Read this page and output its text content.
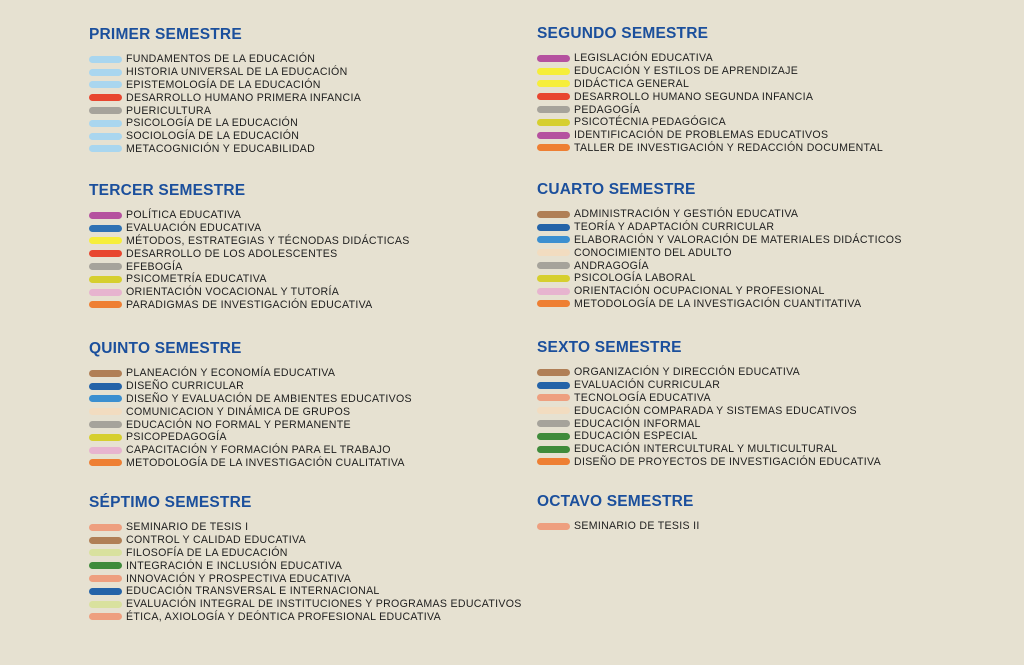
PRIMER SEMESTRE
FUNDAMENTOS DE LA EDUCACIÓN
HISTORIA UNIVERSAL DE LA EDUCACIÓN
EPISTEMOLOGÍA DE LA EDUCACIÓN
DESARROLLO HUMANO PRIMERA INFANCIA
PUERICULTURA
PSICOLOGÍA DE LA EDUCACIÓN
SOCIOLOGÍA DE LA EDUCACIÓN
METACOGNICIÓN Y EDUCABILIDAD
SEGUNDO SEMESTRE
LEGISLACIÓN EDUCATIVA
EDUCACIÓN Y ESTILOS DE APRENDIZAJE
DIDÁCTICA GENERAL
DESARROLLO HUMANO SEGUNDA INFANCIA
PEDAGOGÍA
PSICOTÉCNIA PEDAGÓGICA
IDENTIFICACIÓN DE PROBLEMAS EDUCATIVOS
TALLER DE INVESTIGACIÓN Y REDACCIÓN DOCUMENTAL
TERCER SEMESTRE
POLÍTICA EDUCATIVA
EVALUACIÓN EDUCATIVA
MÉTODOS, ESTRATEGIAS Y TÉCNODAS DIDÁCTICAS
DESARROLLO DE LOS ADOLESCENTES
EFEBOGÍA
PSICOMETRÍA EDUCATIVA
ORIENTACIÓN VOCACIONAL Y TUTORÍA
PARADIGMAS DE INVESTIGACIÓN EDUCATIVA
CUARTO SEMESTRE
ADMINISTRACIÓN Y GESTIÓN EDUCATIVA
TEORÍA Y ADAPTACIÓN CURRICULAR
ELABORACIÓN Y VALORACIÓN DE MATERIALES DIDÁCTICOS
CONOCIMIENTO DEL ADULTO
ANDRAGOGÍA
PSICOLOGÍA LABORAL
ORIENTACIÓN OCUPACIONAL Y PROFESIONAL
METODOLOGÍA DE LA INVESTIGACIÓN CUANTITATIVA
QUINTO SEMESTRE
PLANEACIÓN Y ECONOMÍA EDUCATIVA
DISEÑO CURRICULAR
DISEÑO Y EVALUACIÓN DE AMBIENTES EDUCATIVOS
COMUNICACION Y DINÁMICA DE GRUPOS
EDUCACIÓN NO FORMAL Y PERMANENTE
PSICOPEDAGOGÍA
CAPACITACIÓN Y FORMACIÓN PARA EL TRABAJO
METODOLOGÍA DE LA INVESTIGACIÓN CUALITATIVA
SEXTO SEMESTRE
ORGANIZACIÓN Y DIRECCIÓN EDUCATIVA
EVALUACIÓN CURRICULAR
TECNOLOGÍA EDUCATIVA
EDUCACIÓN COMPARADA Y SISTEMAS EDUCATIVOS
EDUCACIÓN INFORMAL
EDUCACIÓN ESPECIAL
EDUCACIÓN INTERCULTURAL Y MULTICULTURAL
DISEÑO DE PROYECTOS DE INVESTIGACIÓN EDUCATIVA
SÉPTIMO SEMESTRE
SEMINARIO DE TESIS I
CONTROL Y CALIDAD EDUCATIVA
FILOSOFÍA DE LA EDUCACIÓN
INTEGRACIÓN E INCLUSIÓN EDUCATIVA
INNOVACIÓN Y PROSPECTIVA EDUCATIVA
EDUCACIÓN TRANSVERSAL E INTERNACIONAL
EVALUACIÓN INTEGRAL DE INSTITUCIONES Y PROGRAMAS EDUCATIVOS
ÉTICA, AXIOLOGÍA Y DEÓNTICA PROFESIONAL EDUCATIVA
OCTAVO SEMESTRE
SEMINARIO DE TESIS II
